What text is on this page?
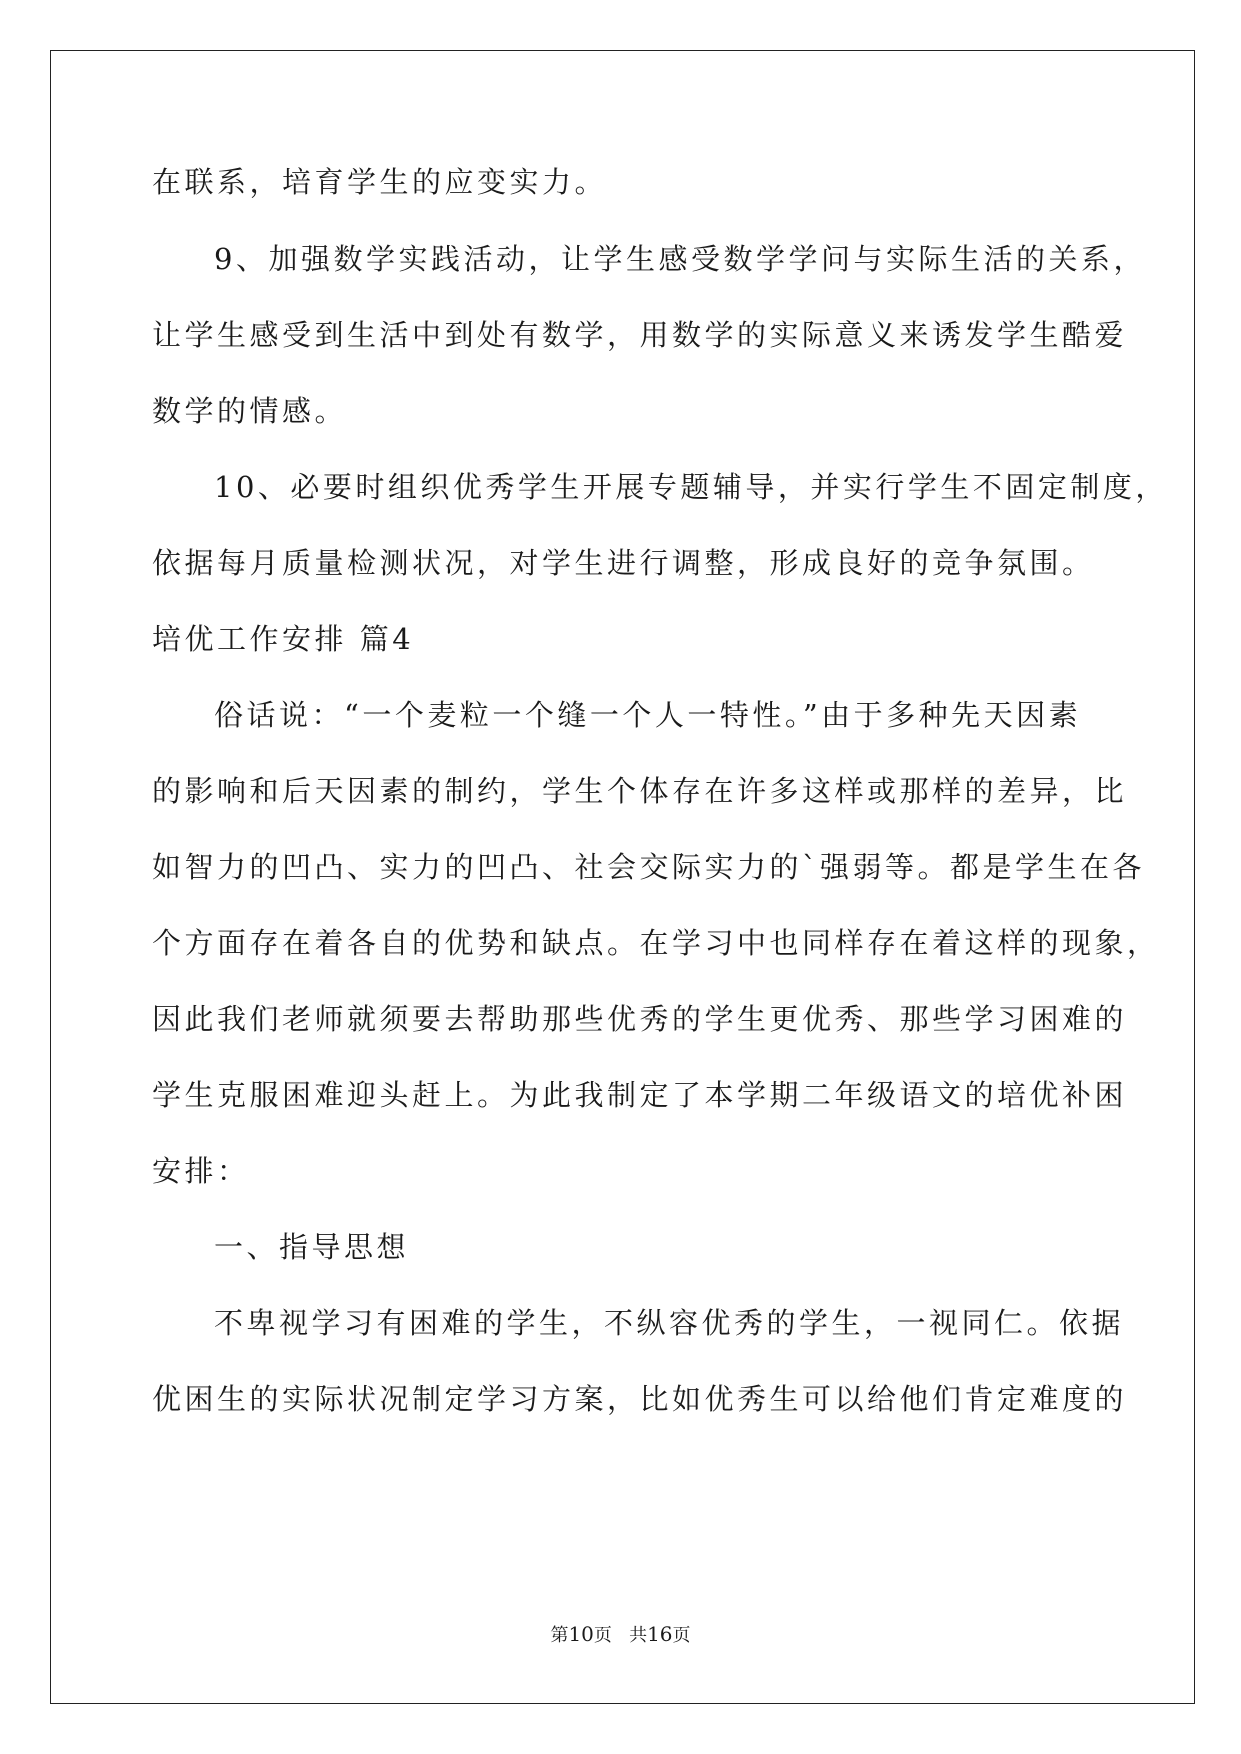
在联系，培育学生的应变实力。
9、加强数学实践活动，让学生感受数学学问与实际生活的关系，
让学生感受到生活中到处有数学，用数学的实际意义来诱发学生酷爱
数学的情感。
10、必要时组织优秀学生开展专题辅导，并实行学生不固定制度，
依据每月质量检测状况，对学生进行调整，形成良好的竞争氛围。
培优工作安排 篇4
俗话说：“一个麦粒一个缝一个人一特性。”由于多种先天因素
的影响和后天因素的制约，学生个体存在许多这样或那样的差异，比
如智力的凹凸、实力的凹凸、社会交际实力的`强弱等。都是学生在各
个方面存在着各自的优势和缺点。在学习中也同样存在着这样的现象，
因此我们老师就须要去帮助那些优秀的学生更优秀、那些学习困难的
学生克服困难迎头赶上。为此我制定了本学期二年级语文的培优补困
安排：
一、指导思想
不卑视学习有困难的学生，不纵容优秀的学生，一视同仁。依据
优困生的实际状况制定学习方案，比如优秀生可以给他们肯定难度的
第10页 共16页
